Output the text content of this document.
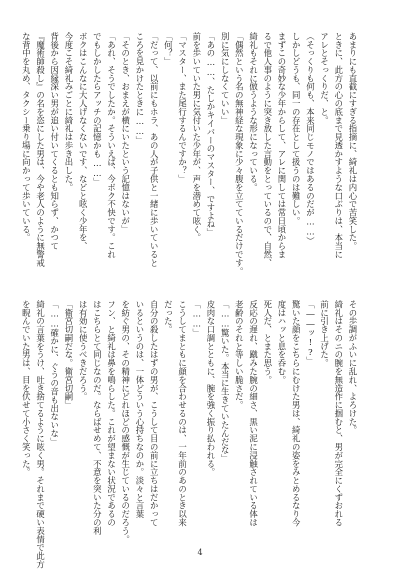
あまりにも直截にすぎる指摘に、綺礼は内心で苦笑した。

ときに、此方の心の底まで見透かすような口ぶりは、本当に

アレとそっくりだ、と。

（そっくりも何も、本来同じモノではあるのだが……）

しかしどうも、同一の存在として扱うのは難しい。

まずこの奇妙な少年からして、アレに関しては常日頃からま

るで他人事のように突き放した言動をとっているので、自然、

綺礼もそれに倣うような形になっている。

「偶然という名の無神経な現象に少々腹を立てているだけです。

別に気にしなくていい」

「あの……、たしかキイバーのマスター、ですよね」

前を歩いていた男に気付いた少年が、声を潜めて呟く。

「マスター、また尾行するんですか？」

「何？」

「だって、以前にもホラ、あの人が子供と一緒に歩いていると

ころを見かけたときに……」

「そのとき、おまえが横にいたという記憶はないが」

「あれ、そうでしたか。そういえば、今ボク不快です。これ

でもしかしたらアッチの記憶かも……」

ボクはこんなに大人げなくないです、などと呟く少年を、

今度こそ綺礼みごとに綺礼は歩き出した。

背後から因縁深い男が追い付いてくるとも知らず、かつて

『魔術師殺し』の名を恣にした男は、今や老人のように無警戒

な背中を丸め、タクシー乗り場に向かって歩いている。

その歩調がふいに乱れ、よろけた。

綺礼はそのニの腕を無造作に掴むと、男が完全にくずおれる

前に引き上げた。

「――ッ!?」

驚いた顔をこちらにむけた男は、綺礼の姿をみとめるなり今

度はハッと息を呑む。

死人だ、とまた思う。

反応の遅れ、蹴みた腕の細さ、黒い泥に浸触されている体は

老齢のそれと等しい脆さだ。

「……驚いた。本当に生きていたんだな」

皮肉な口調とともに、腕を強く振り払われる。

「……」

こうしてまともに顔を合わせるのは、一年前のあのとき以来

だった。

自分の殺したはずの男が、こうして目の前に立ちはだかって

いるというのは、一体どういう心持ちなのか。淡々と言葉

を紡ぐ男の、その精神にどれほどの感慨が生じているのだろう。

フン、と綺礼は鼻を鳴らした。これが望まない状況であるの

はこちらとて同じなのだ。ならばせめて、不意を突いた分の利

は有効に使うべきだろう。

「衛宮切嗣だな。衛宮切嗣」

「……確かに、ぐうの音も出ないな」

綺礼の言葉をうけ、吐き捨てるように呟く男。それまで硬い表情で此方

を睨んでいた男は、目を伏せて小さく笑った。

4
